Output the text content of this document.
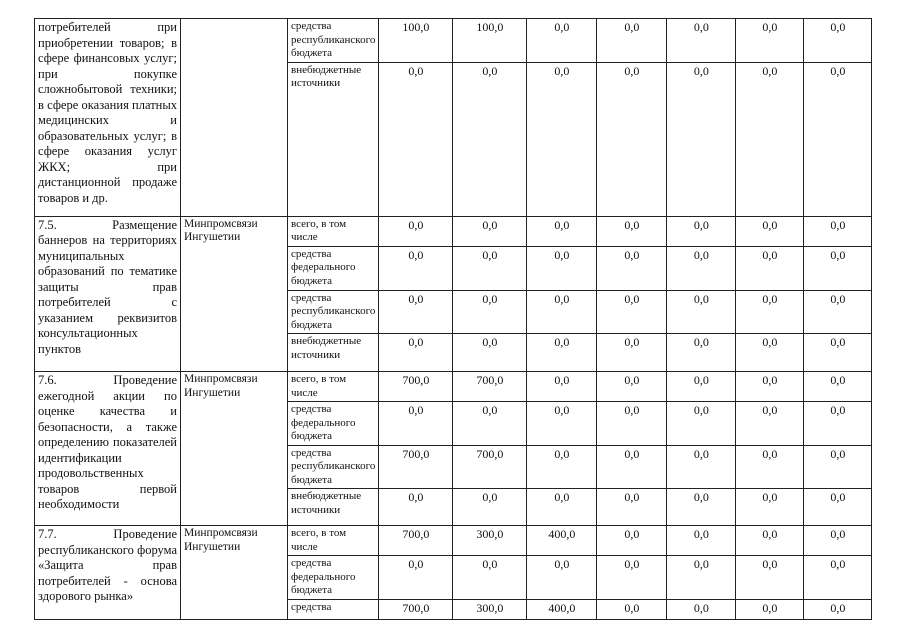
потребителей при приобретении товаров; в сфере финансовых услуг; при покупке сложнобытовой техники; в сфере оказания платных медицинских и образовательных услуг; в сфере оказания услуг ЖКХ; при дистанционной продаже товаров и др.		средства республиканского бюджета	100,0	100,0	0,0	0,0	0,0	0,0	0,0
		внебюджетные источники	0,0	0,0	0,0	0,0	0,0	0,0	0,0
7.5. Размещение баннеров на территориях муниципальных образований по тематике защиты прав потребителей с указанием реквизитов консультационных пунктов	Минпромсвязи Ингушетии	всего, в том числе	0,0	0,0	0,0	0,0	0,0	0,0	0,0
		средства федерального бюджета	0,0	0,0	0,0	0,0	0,0	0,0	0,0
		средства республиканского бюджета	0,0	0,0	0,0	0,0	0,0	0,0	0,0
		внебюджетные источники	0,0	0,0	0,0	0,0	0,0	0,0	0,0
7.6. Проведение ежегодной акции по оценке качества и безопасности, а также определению показателей идентификации продовольственных товаров первой необходимости	Минпромсвязи Ингушетии	всего, в том числе	700,0	700,0	0,0	0,0	0,0	0,0	0,0
		средства федерального бюджета	0,0	0,0	0,0	0,0	0,0	0,0	0,0
		средства республиканского бюджета	700,0	700,0	0,0	0,0	0,0	0,0	0,0
		внебюджетные источники	0,0	0,0	0,0	0,0	0,0	0,0	0,0
7.7. Проведение республиканского форума «Защита прав потребителей - основа здорового рынка»	Минпромсвязи Ингушетии	всего, в том числе	700,0	300,0	400,0	0,0	0,0	0,0	0,0
		средства федерального бюджета	0,0	0,0	0,0	0,0	0,0	0,0	0,0
		средства	700,0	300,0	400,0	0,0	0,0	0,0	0,0
